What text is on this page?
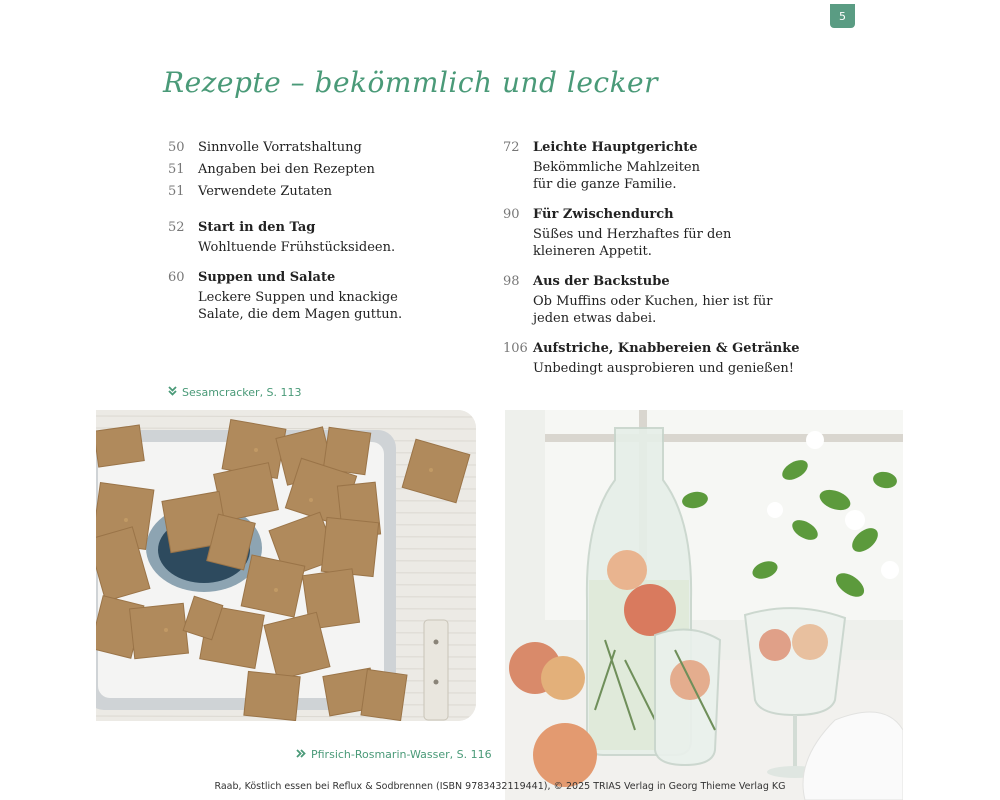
5
Rezepte – bekömmlich und lecker
50	Sinnvolle Vorratshaltung
51	Angaben bei den Rezepten
51	Verwendete Zutaten
52	Start in den Tag
Wohltuende Frühstücksideen.
60	Suppen und Salate
Leckere Suppen und knackige Salate, die dem Magen guttun.
72	Leichte Hauptgerichte
Bekömmliche Mahlzeiten für die ganze Familie.
90	Für Zwischendurch
Süßes und Herzhaftes für den kleineren Appetit.
98	Aus der Backstube
Ob Muffins oder Kuchen, hier ist für jeden etwas dabei.
106 Aufstriche, Knabbereien & Getränke
Unbedingt ausprobieren und genießen!
Sesamcracker, S. 113
Pfirsich-Rosmarin-Wasser, S. 116
Raab, Köstlich essen bei Reflux & Sodbrennen (ISBN 9783432119441), © 2025 TRIAS Verlag in Georg Thieme Verlag KG
